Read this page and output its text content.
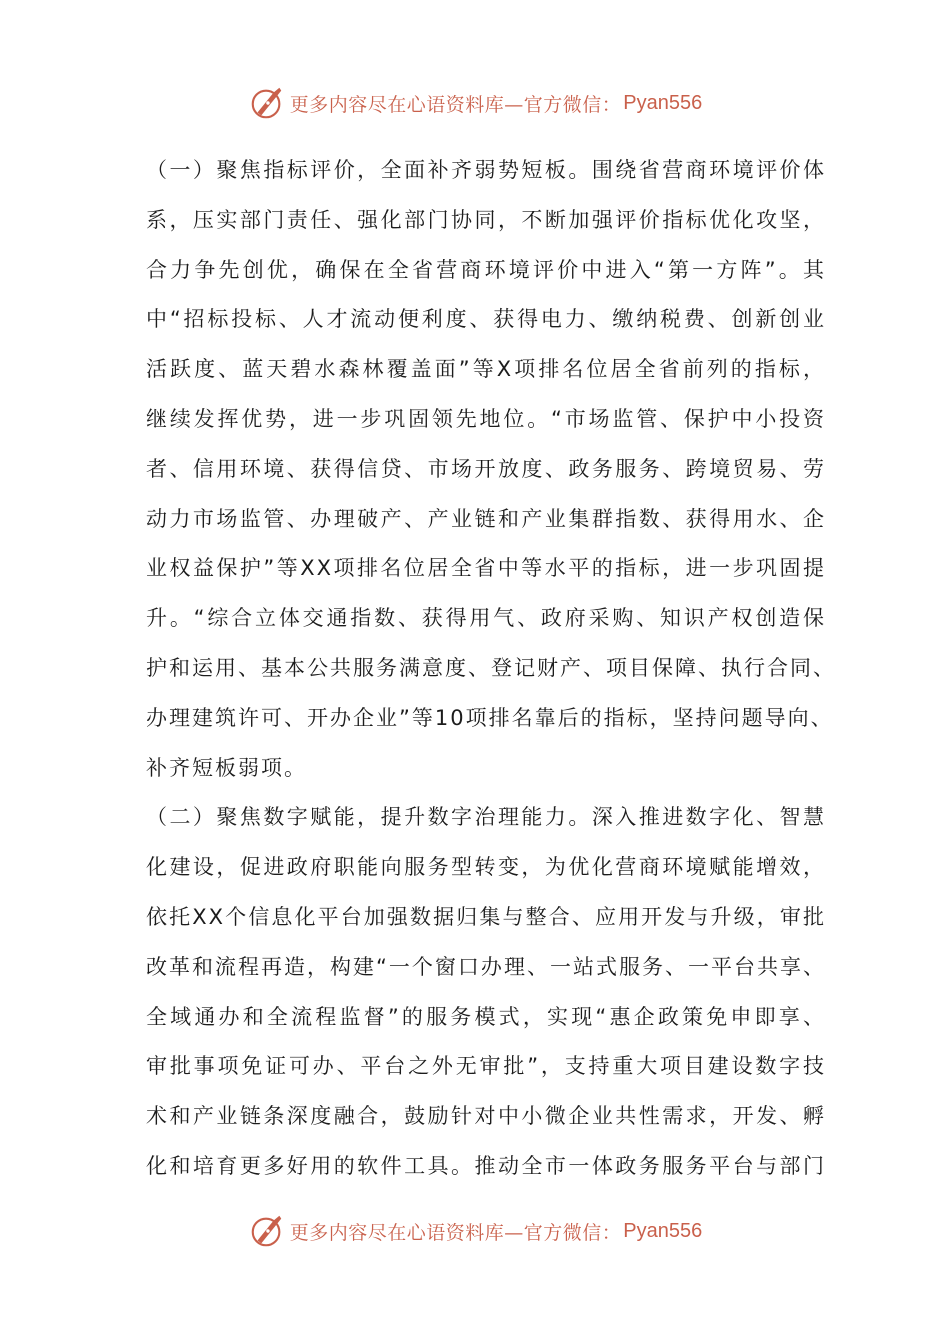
更多内容尽在心语资料库—官方微信： Pyan556
（一）聚焦指标评价，全面补齐弱势短板。围绕省营商环境评价体
系，压实部门责任、强化部门协同，不断加强评价指标优化攻坚，
合力争先创优，确保在全省营商环境评价中进入“第一方阵”。其
中“招标投标、人才流动便利度、获得电力、缴纳税费、创新创业
活跃度、蓝天碧水森林覆盖面”等X项排名位居全省前列的指标，
继续发挥优势，进一步巩固领先地位。“市场监管、保护中小投资
者、信用环境、获得信贷、市场开放度、政务服务、跨境贸易、劳
动力市场监管、办理破产、产业链和产业集群指数、获得用水、企
业权益保护”等XX项排名位居全省中等水平的指标，进一步巩固提
升。“综合立体交通指数、获得用气、政府采购、知识产权创造保
护和运用、基本公共服务满意度、登记财产、项目保障、执行合同、
办理建筑许可、开办企业”等10项排名靠后的指标，坚持问题导向、
补齐短板弱项。
（二）聚焦数字赋能，提升数字治理能力。深入推进数字化、智慧
化建设，促进政府职能向服务型转变，为优化营商环境赋能增效，
依托XX个信息化平台加强数据归集与整合、应用开发与升级，审批
改革和流程再造，构建“一个窗口办理、一站式服务、一平台共享、
全域通办和全流程监督”的服务模式，实现“惠企政策免申即享、
审批事项免证可办、平台之外无审批”，支持重大项目建设数字技
术和产业链条深度融合，鼓励针对中小微企业共性需求，开发、孵
化和培育更多好用的软件工具。推动全市一体政务服务平台与部门
更多内容尽在心语资料库—官方微信： Pyan556
